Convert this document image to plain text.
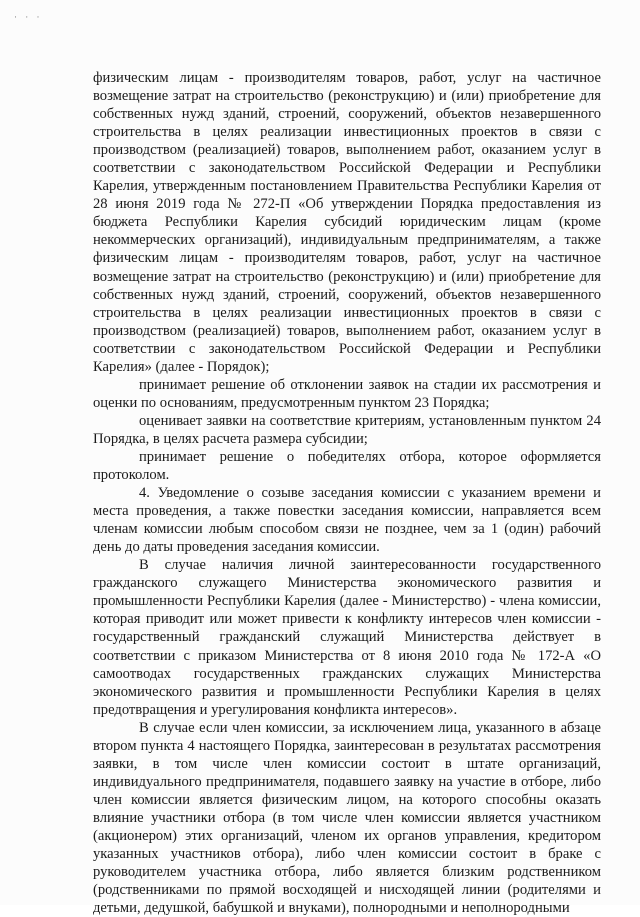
· · ·

физическим лицам - производителям товаров, работ, услуг на частичное возмещение затрат на строительство (реконструкцию) и (или) приобретение для собственных нужд зданий, строений, сооружений, объектов незавершенного строительства в целях реализации инвестиционных проектов в связи с производством (реализацией) товаров, выполнением работ, оказанием услуг в соответствии с законодательством Российской Федерации и Республики Карелия, утвержденным постановлением Правительства Республики Карелия от 28 июня 2019 года № 272-П «Об утверждении Порядка предоставления из бюджета Республики Карелия субсидий юридическим лицам (кроме некоммерческих организаций), индивидуальным предпринимателям, а также физическим лицам - производителям товаров, работ, услуг на частичное возмещение затрат на строительство (реконструкцию) и (или) приобретение для собственных нужд зданий, строений, сооружений, объектов незавершенного строительства в целях реализации инвестиционных проектов в связи с производством (реализацией) товаров, выполнением работ, оказанием услуг в соответствии с законодательством Российской Федерации и Республики Карелия» (далее - Порядок);

принимает решение об отклонении заявок на стадии их рассмотрения и оценки по основаниям, предусмотренным пунктом 23 Порядка;

оценивает заявки на соответствие критериям, установленным пунктом 24 Порядка, в целях расчета размера субсидии;

принимает решение о победителях отбора, которое оформляется протоколом.

4. Уведомление о созыве заседания комиссии с указанием времени и места проведения, а также повестки заседания комиссии, направляется всем членам комиссии любым способом связи не позднее, чем за 1 (один) рабочий день до даты проведения заседания комиссии.

В случае наличия личной заинтересованности государственного гражданского служащего Министерства экономического развития и промышленности Республики Карелия (далее - Министерство) - члена комиссии, которая приводит или может привести к конфликту интересов член комиссии - государственный гражданский служащий Министерства действует в соответствии с приказом Министерства от 8 июня 2010 года № 172-А «О самоотводах государственных гражданских служащих Министерства экономического развития и промышленности Республики Карелия в целях предотвращения и урегулирования конфликта интересов».

В случае если член комиссии, за исключением лица, указанного в абзаце втором пункта 4 настоящего Порядка, заинтересован в результатах рассмотрения заявки, в том числе член комиссии состоит в штате организаций, индивидуального предпринимателя, подавшего заявку на участие в отборе, либо член комиссии является физическим лицом, на которого способны оказать влияние участники отбора (в том числе член комиссии является участником (акционером) этих организаций, членом их органов управления, кредитором указанных участников отбора), либо член комиссии состоит в браке с руководителем участника отбора, либо является близким родственником (родственниками по прямой восходящей и нисходящей линии (родителями и детьми, дедушкой, бабушкой и внуками), полнородными и неполнородными
